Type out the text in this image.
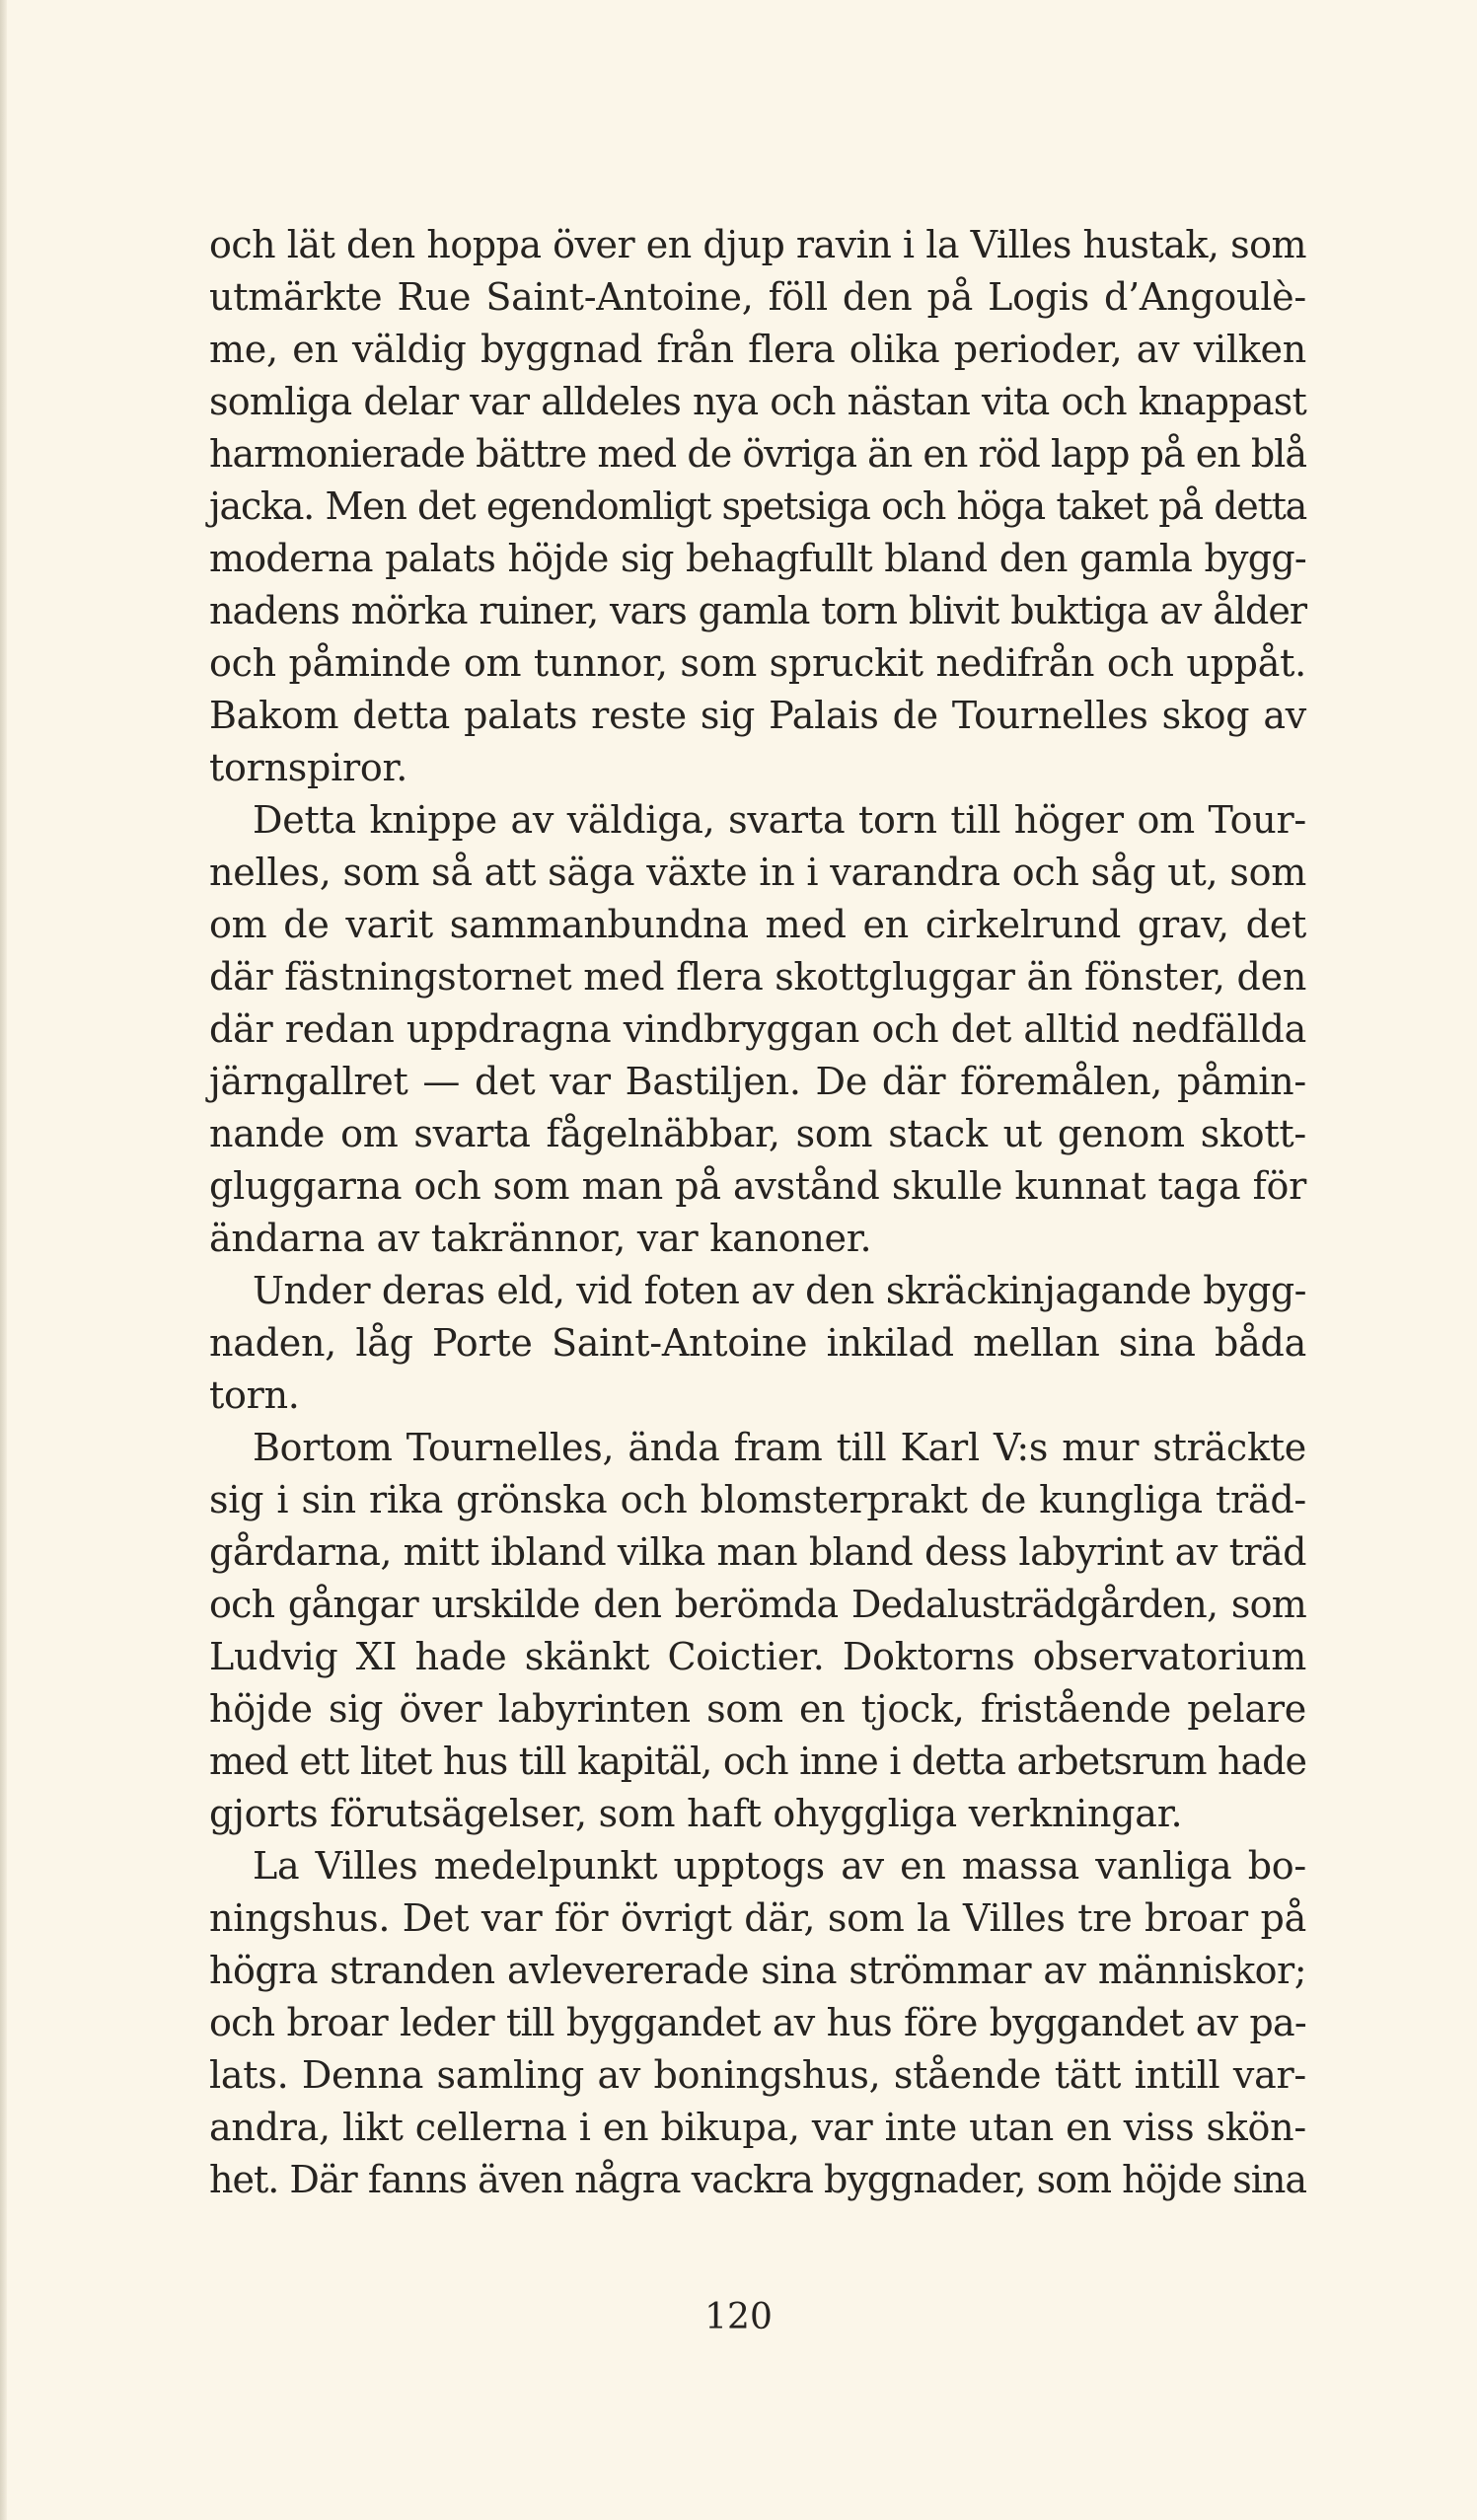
och lät den hoppa över en djup ravin i la Villes hustak, som
utmärkte Rue Saint-Antoine, föll den på Logis d’Angoulè-
me, en väldig byggnad från flera olika perioder, av vilken
somliga delar var alldeles nya och nästan vita och knappast
harmonierade bättre med de övriga än en röd lapp på en blå
jacka. Men det egendomligt spetsiga och höga taket på detta
moderna palats höjde sig behagfullt bland den gamla bygg-
nadens mörka ruiner, vars gamla torn blivit buktiga av ålder
och påminde om tunnor, som spruckit nedifrån och uppåt.
Bakom detta palats reste sig Palais de Tournelles skog av
tornspiror.
Detta knippe av väldiga, svarta torn till höger om Tour-
nelles, som så att säga växte in i varandra och såg ut, som
om de varit sammanbundna med en cirkelrund grav, det
där fästningstornet med flera skottgluggar än fönster, den
där redan uppdragna vindbryggan och det alltid nedfällda
järngallret — det var Bastiljen. De där föremålen, påmin-
nande om svarta fågelnäbbar, som stack ut genom skott-
gluggarna och som man på avstånd skulle kunnat taga för
ändarna av takrännor, var kanoner.
Under deras eld, vid foten av den skräckinjagande bygg-
naden, låg Porte Saint-Antoine inkilad mellan sina båda
torn.
Bortom Tournelles, ända fram till Karl V:s mur sträckte
sig i sin rika grönska och blomsterprakt de kungliga träd-
gårdarna, mitt ibland vilka man bland dess labyrint av träd
och gångar urskilde den berömda Dedalusträdgården, som
Ludvig XI hade skänkt Coictier. Doktorns observatorium
höjde sig över labyrinten som en tjock, fristående pelare
med ett litet hus till kapitäl, och inne i detta arbetsrum hade
gjorts förutsägelser, som haft ohyggliga verkningar.
La Villes medelpunkt upptogs av en massa vanliga bo-
ningshus. Det var för övrigt där, som la Villes tre broar på
högra stranden avlevererade sina strömmar av människor;
och broar leder till byggandet av hus före byggandet av pa-
lats. Denna samling av boningshus, stående tätt intill var-
andra, likt cellerna i en bikupa, var inte utan en viss skön-
het. Där fanns även några vackra byggnader, som höjde sina
120
